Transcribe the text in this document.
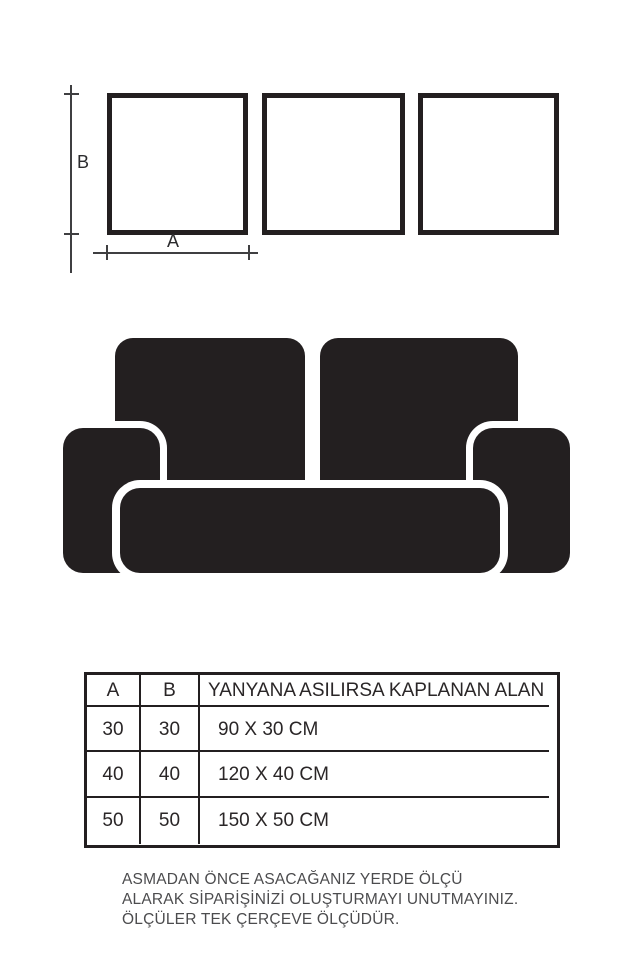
B
A
A	B	YANYANA ASILIRSA KAPLANAN ALAN
30	30	90 X 30 CM
40	40	120 X 40 CM
50	50	150 X 50 CM
ASMADAN ÖNCE ASACAĞANIZ YERDE ÖLÇÜ
ALARAK SİPARİŞİNİZİ OLUŞTURMAYI UNUTMAYINIZ.
ÖLÇÜLER TEK ÇERÇEVE ÖLÇÜDÜR.
